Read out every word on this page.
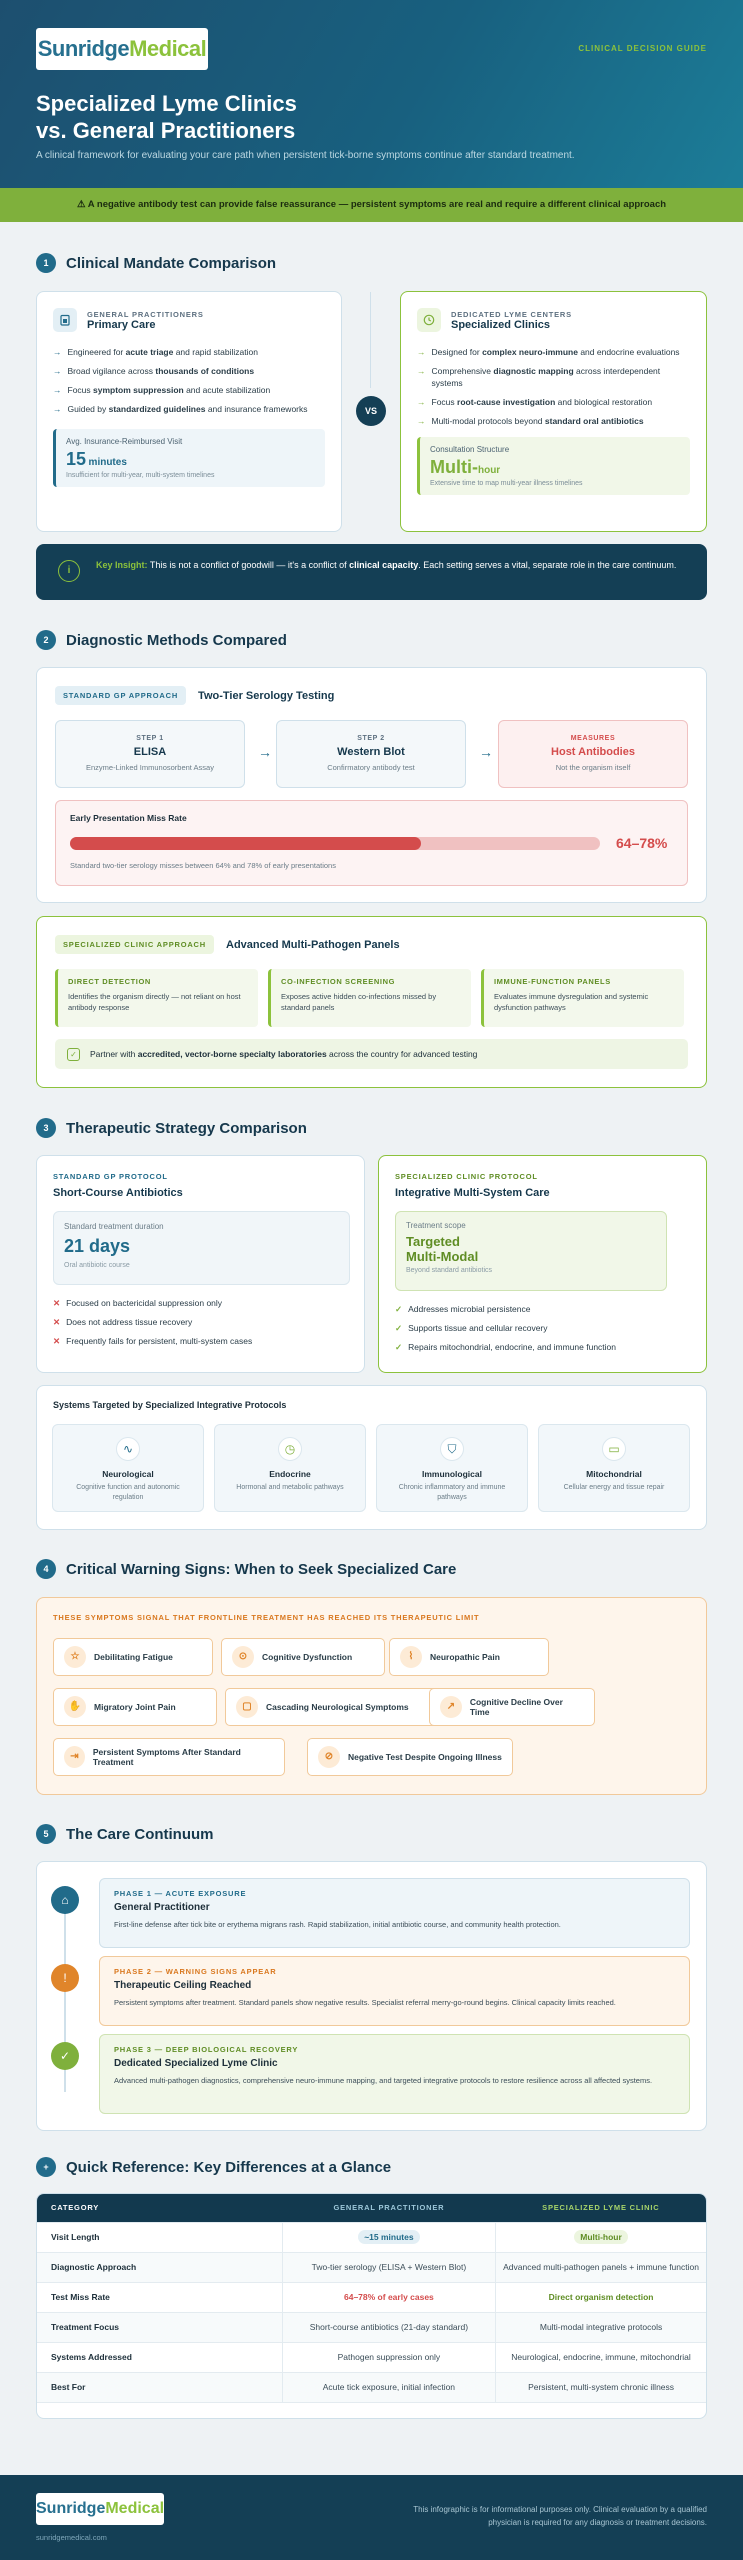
SunridgeMedical	CLINICAL DECISION GUIDE
Specialized Lyme Clinics
vs. General Practitioners
A clinical framework for evaluating your care path when persistent tick-borne symptoms continue after standard treatment.
⚠ A negative antibody test can provide false reassurance — persistent symptoms are real and require a different clinical approach
1	Clinical Mandate Comparison
GENERAL PRACTITIONERS
Primary Care
→ Engineered for acute triage and rapid stabilization
→ Broad vigilance across thousands of conditions
→ Focus symptom suppression and acute stabilization
→ Guided by standardized guidelines and insurance frameworks
Avg. Insurance-Reimbursed Visit
15 minutes
Insufficient for multi-year, multi-system timelines
VS
DEDICATED LYME CENTERS
Specialized Clinics
→ Designed for complex neuro-immune and endocrine evaluations
→ Comprehensive diagnostic mapping across interdependent systems
→ Focus root-cause investigation and biological restoration
→ Multi-modal protocols beyond standard oral antibiotics
Consultation Structure
Multi-hour
Extensive time to map multi-year illness timelines
i	Key Insight: This is not a conflict of goodwill — it's a conflict of clinical capacity. Each setting serves a vital, separate role in the care continuum.
2	Diagnostic Methods Compared
STANDARD GP APPROACH	Two-Tier Serology Testing
STEP 1
ELISA
Enzyme-Linked Immunosorbent Assay
→
STEP 2
Western Blot
Confirmatory antibody test
→
MEASURES
Host Antibodies
Not the organism itself
Early Presentation Miss Rate
64–78%
Standard two-tier serology misses between 64% and 78% of early presentations
SPECIALIZED CLINIC APPROACH	Advanced Multi-Pathogen Panels
DIRECT DETECTION
Identifies the organism directly — not reliant on host antibody response
CO-INFECTION SCREENING
Exposes active hidden co-infections missed by standard panels
IMMUNE-FUNCTION PANELS
Evaluates immune dysregulation and systemic dysfunction pathways
✓	Partner with accredited, vector-borne specialty laboratories across the country for advanced testing
3	Therapeutic Strategy Comparison
STANDARD GP PROTOCOL
Short-Course Antibiotics
Standard treatment duration
21 days
Oral antibiotic course
✕ Focused on bactericidal suppression only
✕ Does not address tissue recovery
✕ Frequently fails for persistent, multi-system cases
SPECIALIZED CLINIC PROTOCOL
Integrative Multi-System Care
Treatment scope
Targeted
Multi-Modal
Beyond standard antibiotics
✓ Addresses microbial persistence
✓ Supports tissue and cellular recovery
✓ Repairs mitochondrial, endocrine, and immune function
Systems Targeted by Specialized Integrative Protocols
∿
Neurological
Cognitive function and autonomic regulation
◷
Endocrine
Hormonal and metabolic pathways
⛉
Immunological
Chronic inflammatory and immune pathways
▭
Mitochondrial
Cellular energy and tissue repair
4	Critical Warning Signs: When to Seek Specialized Care
THESE SYMPTOMS SIGNAL THAT FRONTLINE TREATMENT HAS REACHED ITS THERAPEUTIC LIMIT
☆	Debilitating Fatigue	⊙	Cognitive Dysfunction	⌇	Neuropathic Pain
✋	Migratory Joint Pain	▢	Cascading Neurological Symptoms	↗	Cognitive Decline Over Time
⇥	Persistent Symptoms After Standard Treatment	⊘	Negative Test Despite Ongoing Illness
5	The Care Continuum
⌂	PHASE 1 — ACUTE EXPOSURE
General Practitioner
First-line defense after tick bite or erythema migrans rash. Rapid stabilization, initial antibiotic course, and community health protection.
!	PHASE 2 — WARNING SIGNS APPEAR
Therapeutic Ceiling Reached
Persistent symptoms after treatment. Standard panels show negative results. Specialist referral merry-go-round begins. Clinical capacity limits reached.
✓	PHASE 3 — DEEP BIOLOGICAL RECOVERY
Dedicated Specialized Lyme Clinic
Advanced multi-pathogen diagnostics, comprehensive neuro-immune mapping, and targeted integrative protocols to restore resilience across all affected systems.
+	Quick Reference: Key Differences at a Glance
CATEGORY	GENERAL PRACTITIONER	SPECIALIZED LYME CLINIC
Visit Length	~15 minutes	Multi-hour
Diagnostic Approach	Two-tier serology (ELISA + Western Blot)	Advanced multi-pathogen panels + immune function
Test Miss Rate	64–78% of early cases	Direct organism detection
Treatment Focus	Short-course antibiotics (21-day standard)	Multi-modal integrative protocols
Systems Addressed	Pathogen suppression only	Neurological, endocrine, immune, mitochondrial
Best For	Acute tick exposure, initial infection	Persistent, multi-system chronic illness
SunridgeMedical
sunridgemedical.com
This infographic is for informational purposes only. Clinical evaluation by a qualified physician is required for any diagnosis or treatment decisions.
